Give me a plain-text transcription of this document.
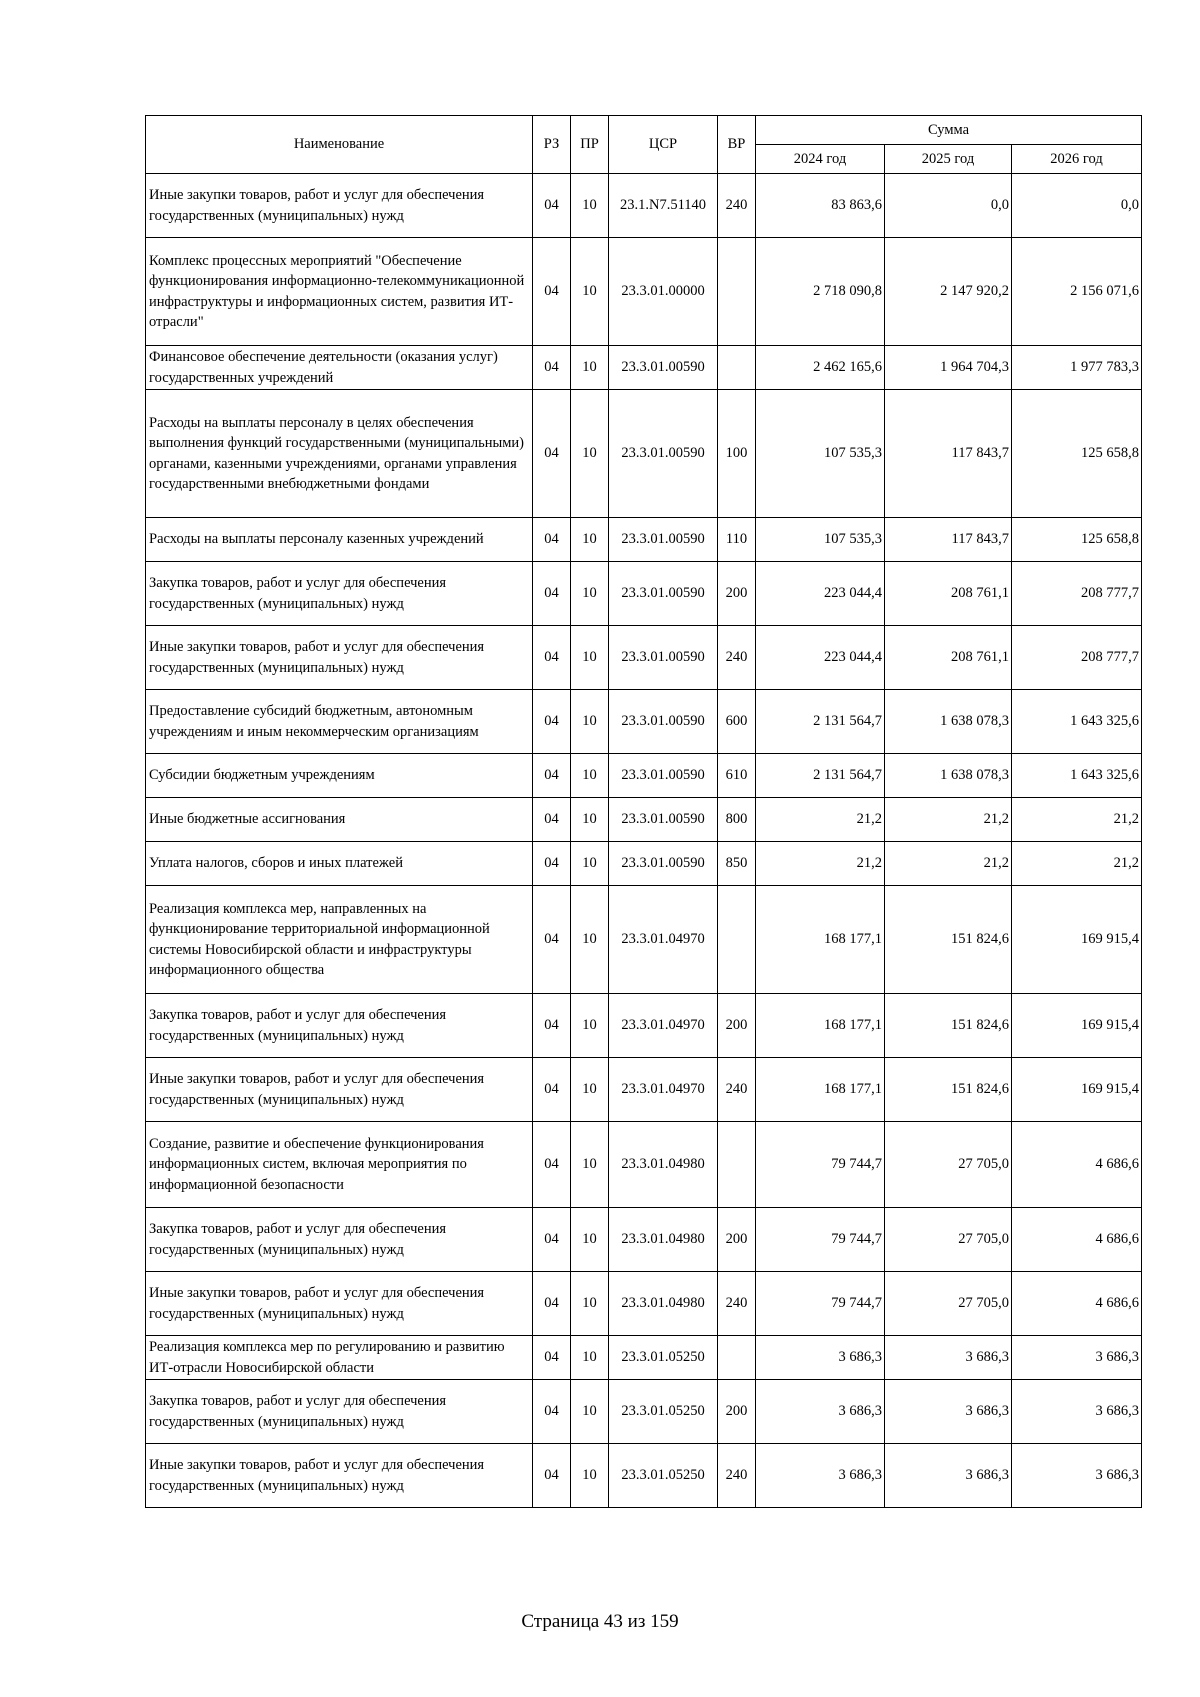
Наименование	РЗ	ПР	ЦСР	ВР	Сумма		
					2024 год	2025 год	2026 год
Иные закупки товаров, работ и услуг для обеспечения государственных (муниципальных) нужд	04	10	23.1.N7.51140	240	83 863,6	0,0	0,0
Комплекс процессных мероприятий "Обеспечение функционирования информационно-телекоммуникационной инфраструктуры и информационных систем, развития ИТ-отрасли"	04	10	23.3.01.00000		2 718 090,8	2 147 920,2	2 156 071,6
Финансовое обеспечение деятельности (оказания услуг) государственных учреждений	04	10	23.3.01.00590		2 462 165,6	1 964 704,3	1 977 783,3
Расходы на выплаты персоналу в целях обеспечения выполнения функций государственными (муниципальными) органами, казенными учреждениями, органами управления государственными внебюджетными фондами	04	10	23.3.01.00590	100	107 535,3	117 843,7	125 658,8
Расходы на выплаты персоналу казенных учреждений	04	10	23.3.01.00590	110	107 535,3	117 843,7	125 658,8
Закупка товаров, работ и услуг для обеспечения государственных (муниципальных) нужд	04	10	23.3.01.00590	200	223 044,4	208 761,1	208 777,7
Иные закупки товаров, работ и услуг для обеспечения государственных (муниципальных) нужд	04	10	23.3.01.00590	240	223 044,4	208 761,1	208 777,7
Предоставление субсидий бюджетным, автономным учреждениям и иным некоммерческим организациям	04	10	23.3.01.00590	600	2 131 564,7	1 638 078,3	1 643 325,6
Субсидии бюджетным учреждениям	04	10	23.3.01.00590	610	2 131 564,7	1 638 078,3	1 643 325,6
Иные бюджетные ассигнования	04	10	23.3.01.00590	800	21,2	21,2	21,2
Уплата налогов, сборов и иных платежей	04	10	23.3.01.00590	850	21,2	21,2	21,2
Реализация комплекса мер, направленных на функционирование территориальной информационной системы Новосибирской области и инфраструктуры информационного общества	04	10	23.3.01.04970		168 177,1	151 824,6	169 915,4
Закупка товаров, работ и услуг для обеспечения государственных (муниципальных) нужд	04	10	23.3.01.04970	200	168 177,1	151 824,6	169 915,4
Иные закупки товаров, работ и услуг для обеспечения государственных (муниципальных) нужд	04	10	23.3.01.04970	240	168 177,1	151 824,6	169 915,4
Создание, развитие и обеспечение функционирования информационных систем, включая мероприятия по информационной безопасности	04	10	23.3.01.04980		79 744,7	27 705,0	4 686,6
Закупка товаров, работ и услуг для обеспечения государственных (муниципальных) нужд	04	10	23.3.01.04980	200	79 744,7	27 705,0	4 686,6
Иные закупки товаров, работ и услуг для обеспечения государственных (муниципальных) нужд	04	10	23.3.01.04980	240	79 744,7	27 705,0	4 686,6
Реализация комплекса мер по регулированию и развитию ИТ-отрасли Новосибирской области	04	10	23.3.01.05250		3 686,3	3 686,3	3 686,3
Закупка товаров, работ и услуг для обеспечения государственных (муниципальных) нужд	04	10	23.3.01.05250	200	3 686,3	3 686,3	3 686,3
Иные закупки товаров, работ и услуг для обеспечения государственных (муниципальных) нужд	04	10	23.3.01.05250	240	3 686,3	3 686,3	3 686,3
Страница 43 из 159
